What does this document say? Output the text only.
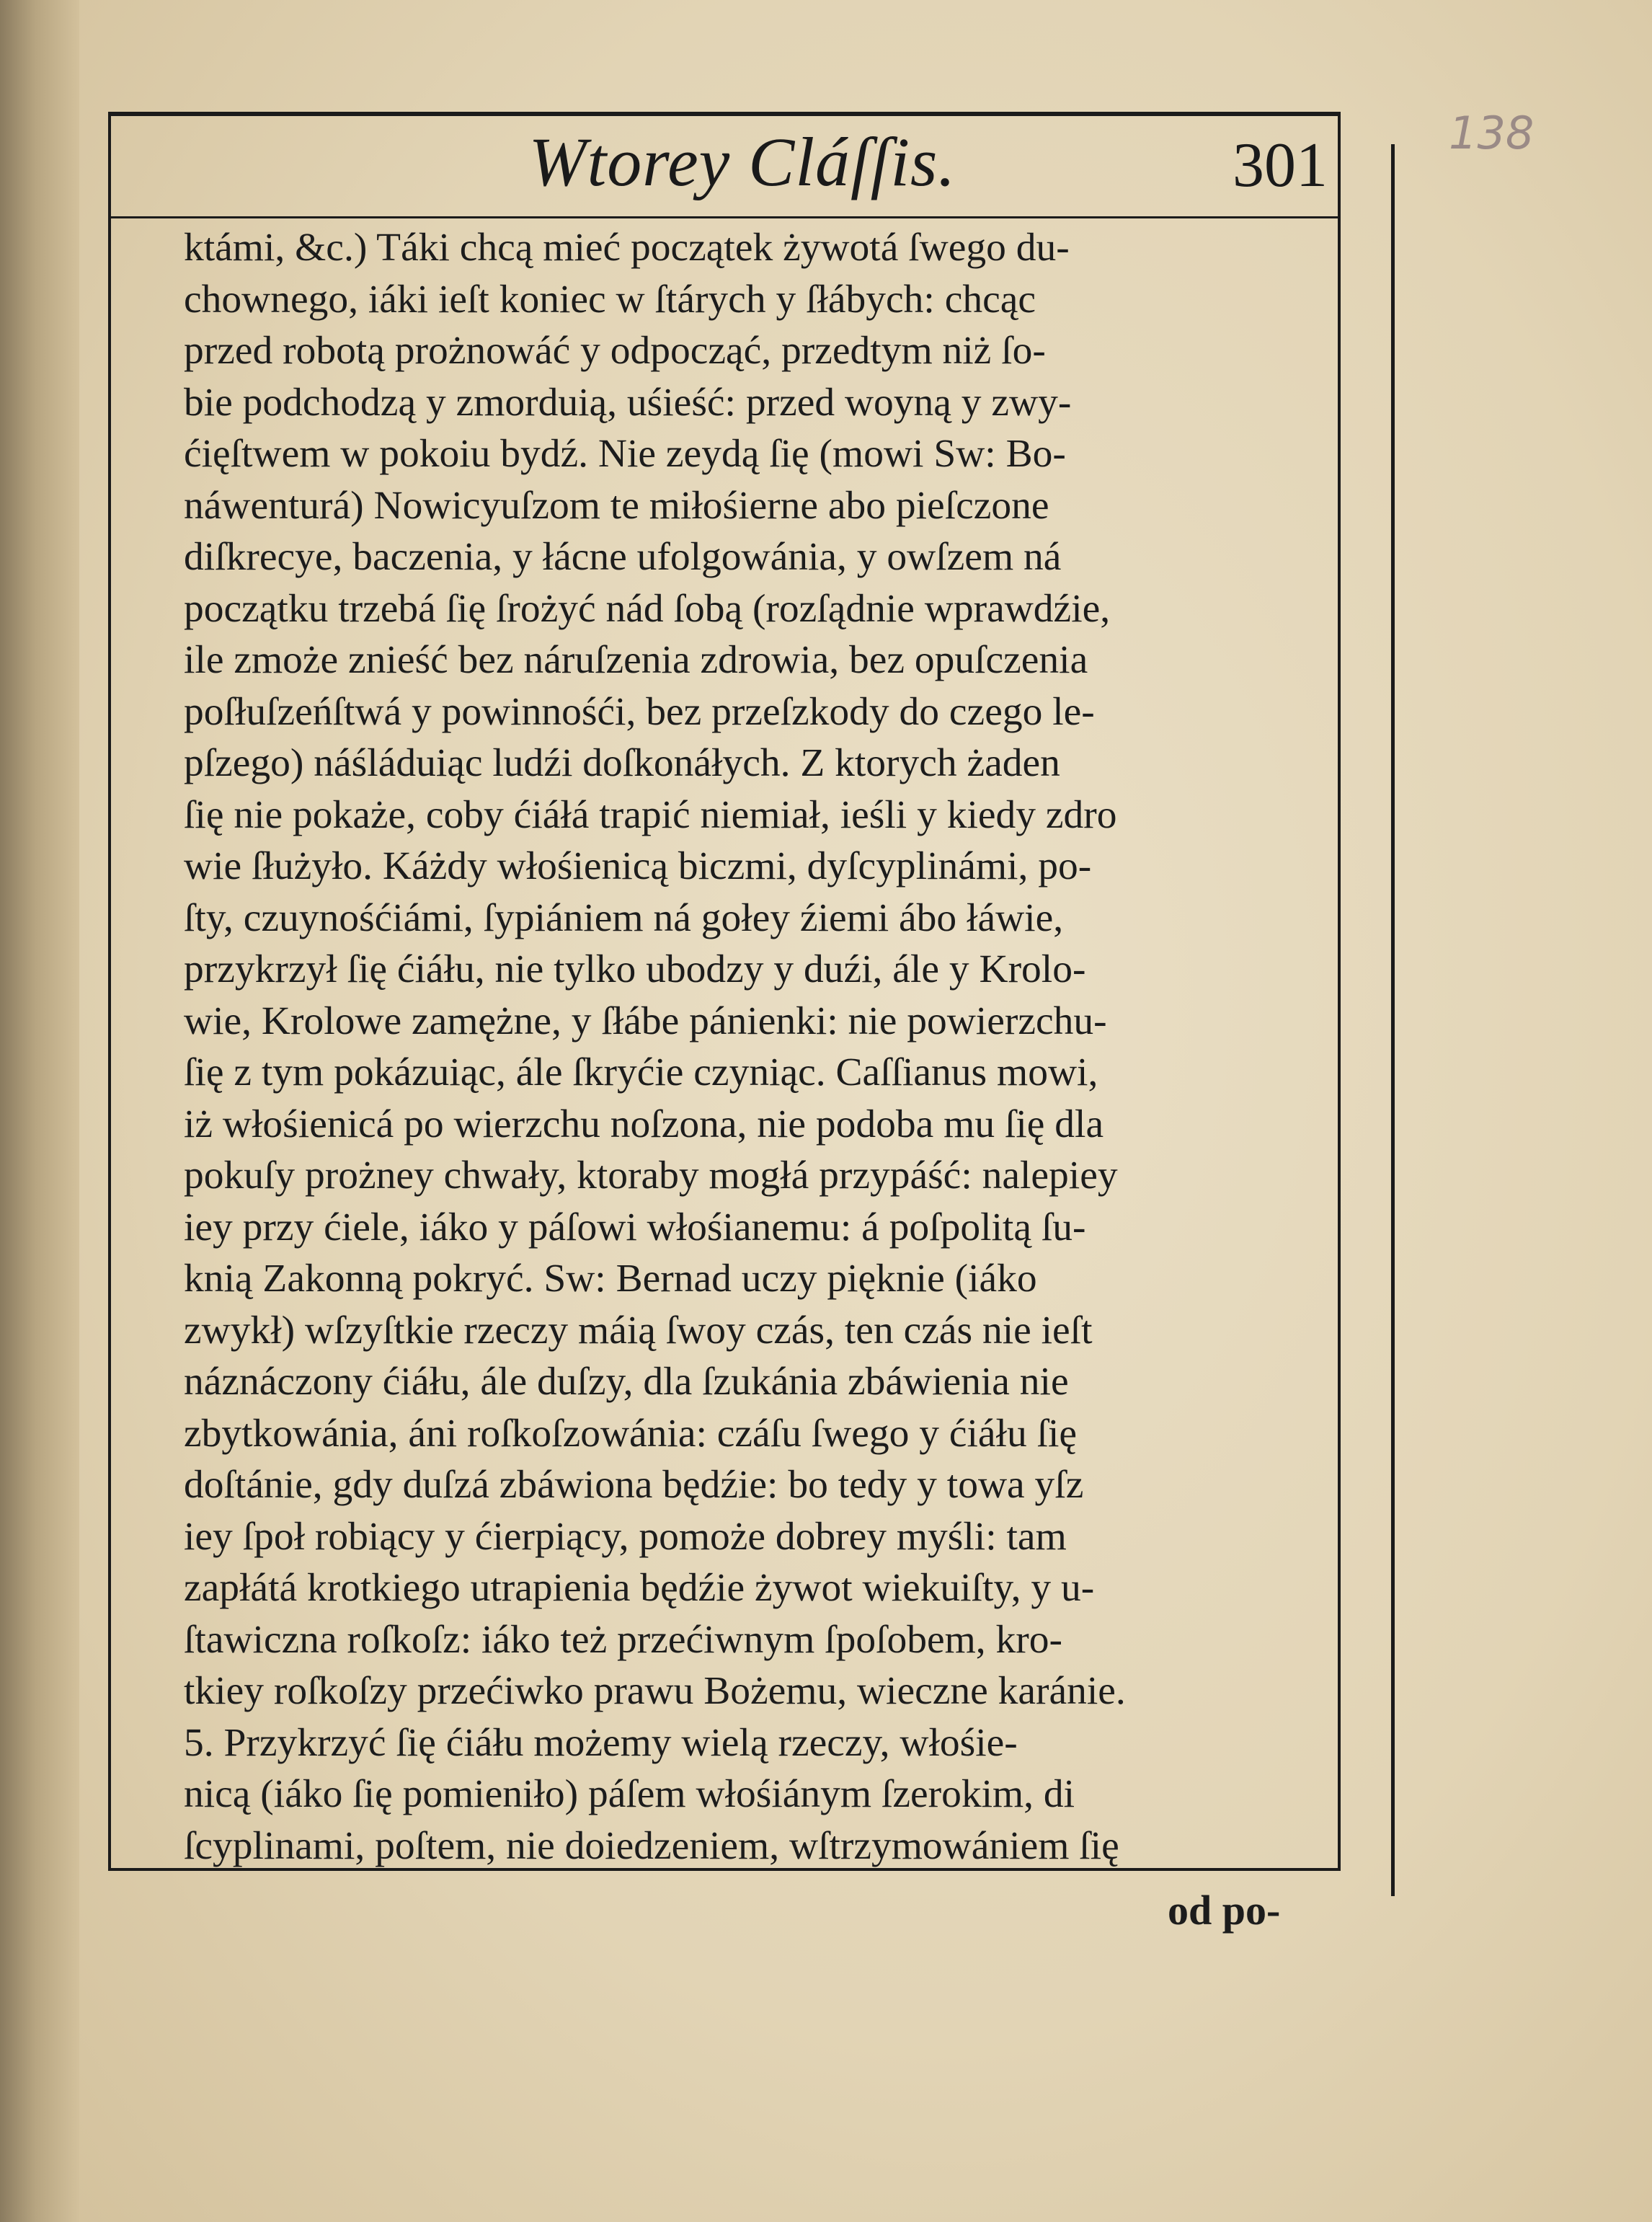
138
Wtorey Cláſſis.	301
ktámi, &c.) Táki chcą mieć początek żywotá ſwego du-
chownego, iáki ieſt koniec w ſtárych y ſłábych: chcąc
przed robotą prożnowáć y odpocząć, przedtym niż ſo-
bie podchodzą y zmorduią, uśieść: przed woyną y zwy-
ćięſtwem w pokoiu bydź. Nie zeydą ſię (mowi Sw: Bo-
náwenturá) Nowicyuſzom te miłośierne abo pieſczone
diſkrecye, baczenia, y łácne ufolgowánia, y owſzem ná
początku trzebá ſię ſrożyć nád ſobą (rozſądnie wprawdźie,
ile zmoże znieść bez náruſzenia zdrowia, bez opuſczenia
poſłuſzeńſtwá y powinnośći, bez przeſzkody do czego le-
pſzego) náśláduiąc ludźi doſkonáłych. Z ktorych żaden
ſię nie pokaże, coby ćiáłá trapić niemiał, ieśli y kiedy zdro
wie ſłużyło. Káżdy włośienicą biczmi, dyſcyplinámi, po-
ſty, czuynośćiámi, ſypiániem ná gołey źiemi ábo łáwie,
przykrzył ſię ćiáłu, nie tylko ubodzy y duźi, ále y Krolo-
wie, Krolowe zamężne, y ſłábe pánienki: nie powierzchu-
ſię z tym pokázuiąc, ále ſkryćie czyniąc. Caſſianus mowi,
iż włośienicá po wierzchu noſzona, nie podoba mu ſię dla
pokuſy prożney chwały, ktoraby mogłá przypáść: nalepiey
iey przy ćiele, iáko y páſowi włośianemu: á poſpolitą ſu-
knią Zakonną pokryć. Sw: Bernad uczy pięknie (iáko
zwykł) wſzyſtkie rzeczy máią ſwoy czás, ten czás nie ieſt
náznáczony ćiáłu, ále duſzy, dla ſzukánia zbáwienia nie
zbytkowánia, áni roſkoſzowánia: czáſu ſwego y ćiáłu ſię
doſtánie, gdy duſzá zbáwiona będźie: bo tedy y towa yſz
iey ſpoł robiący y ćierpiący, pomoże dobrey myśli: tam
zapłátá krotkiego utrapienia będźie żywot wiekuiſty, y u-
ſtawiczna roſkoſz: iáko też przećiwnym ſpoſobem, kro-
tkiey roſkoſzy przećiwko prawu Bożemu, wieczne karánie.
5. Przykrzyć ſię ćiáłu możemy wielą rzeczy, włośie-
nicą (iáko ſię pomieniło) páſem włośiánym ſzerokim, di
ſcyplinami, poſtem, nie doiedzeniem, wſtrzymowániem ſię
od po-
